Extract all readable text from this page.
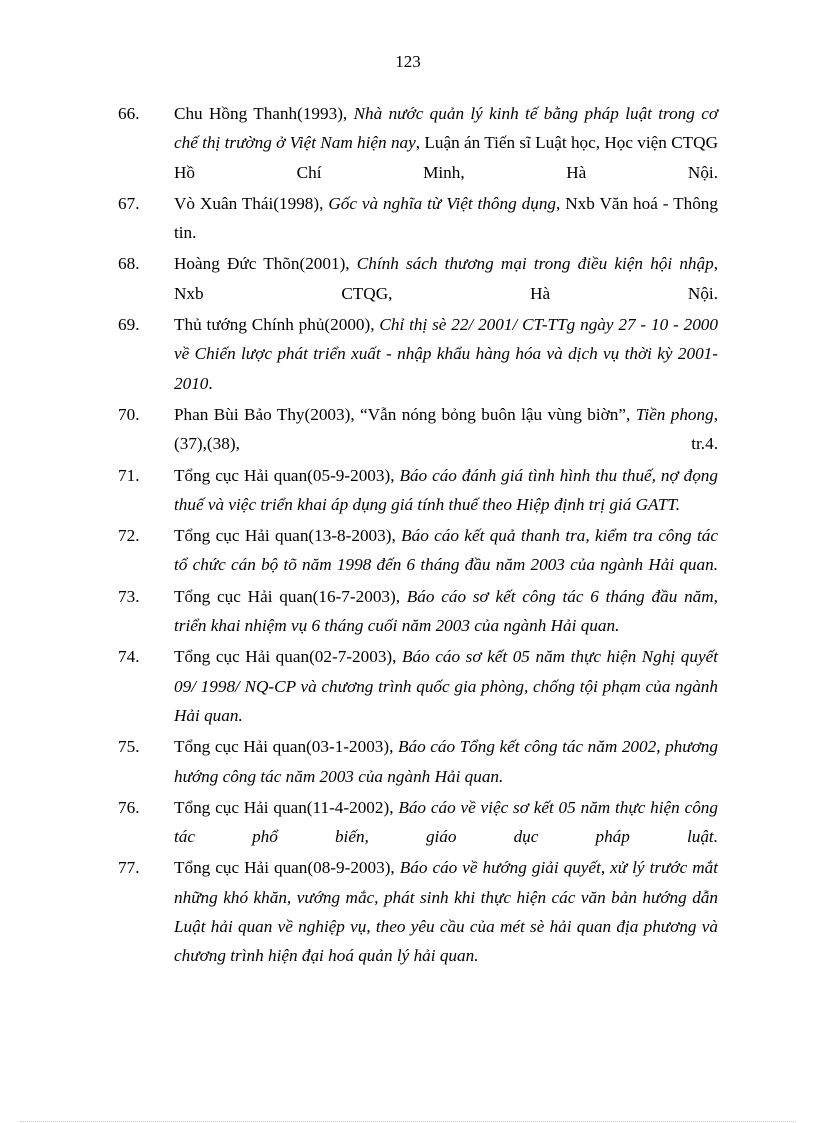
123
66. Chu Hồng Thanh(1993), Nhà nước quản lý kinh tế bằng pháp luật trong cơ chế thị trường ở Việt Nam hiện nay, Luận án Tiến sĩ Luật học, Học viện CTQG Hồ Chí Minh, Hà Nội.
67. Vò Xuân Thái(1998), Gốc và nghĩa từ Việt thông dụng, Nxb Văn hoá - Thông tin.
68. Hoàng Đức Thõn(2001), Chính sách thương mại trong điều kiện hội nhập, Nxb CTQG, Hà Nội.
69. Thủ tướng Chính phủ(2000), Chỉ thị sè 22/ 2001/ CT-TTg ngày 27 - 10 - 2000 về Chiến lược phát triển xuất - nhập khẩu hàng hóa và dịch vụ thời kỳ 2001-2010.
70. Phan Bùi Bảo Thy(2003), “Vẫn nóng bỏng buôn lậu vùng biờn”, Tiền phong, (37),(38), tr.4.
71. Tổng cục Hải quan(05-9-2003), Báo cáo đánh giá tình hình thu thuế, nợ đọng thuế và việc triển khai áp dụng giá tính thuế theo Hiệp định trị giá GATT.
72. Tổng cục Hải quan(13-8-2003), Báo cáo kết quả thanh tra, kiểm tra công tác tổ chức cán bộ tõ năm 1998 đến 6 tháng đầu năm 2003 của ngành Hải quan.
73. Tổng cục Hải quan(16-7-2003), Báo cáo sơ kết công tác 6 tháng đầu năm, triển khai nhiệm vụ 6 tháng cuối năm 2003 của ngành Hải quan.
74. Tổng cục Hải quan(02-7-2003), Báo cáo sơ kết 05 năm thực hiện Nghị quyết 09/ 1998/ NQ-CP và chương trình quốc gia phòng, chống tội phạm của ngành Hải quan.
75. Tổng cục Hải quan(03-1-2003), Báo cáo Tổng kết công tác năm 2002, phương hướng công tác năm 2003 của ngành Hải quan.
76. Tổng cục Hải quan(11-4-2002), Báo cáo về việc sơ kết 05 năm thực hiện công tác phổ biến, giáo dục pháp luật.
77. Tổng cục Hải quan(08-9-2003), Báo cáo về hướng giải quyết, xử lý trước mắt những khó khăn, vướng mắc, phát sinh khi thực hiện các văn bản hướng dẫn Luật hải quan về nghiệp vụ, theo yêu cầu của mét sè hải quan địa phương và chương trình hiện đại hoá quản lý hải quan.
